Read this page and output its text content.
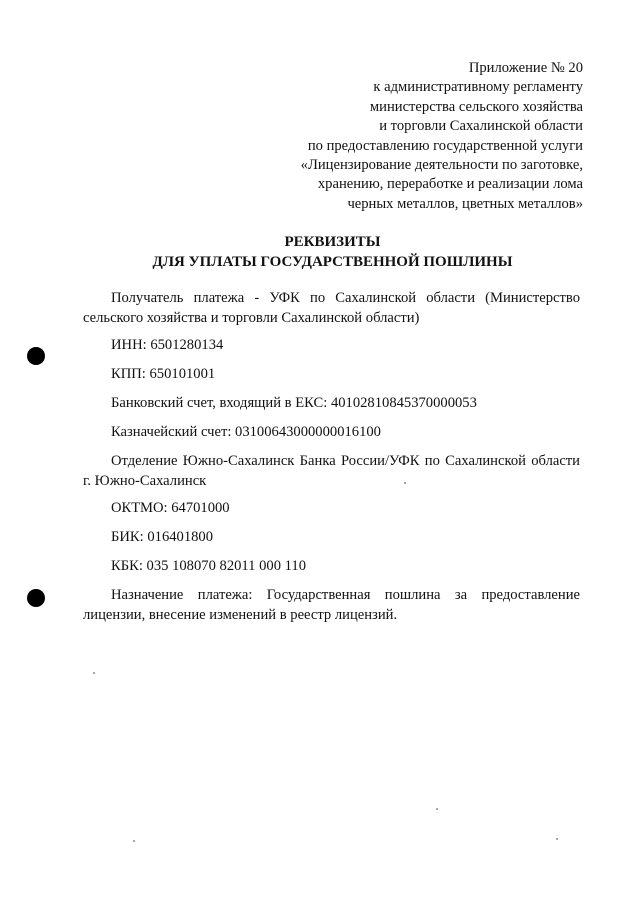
Приложение № 20
к административному регламенту
министерства сельского хозяйства
и торговли Сахалинской области
по предоставлению государственной услуги
«Лицензирование деятельности по заготовке,
хранению, переработке и реализации лома
черных металлов, цветных металлов»
РЕКВИЗИТЫ
ДЛЯ УПЛАТЫ ГОСУДАРСТВЕННОЙ ПОШЛИНЫ
Получатель платежа - УФК по Сахалинской области (Министерство сельского хозяйства и торговли Сахалинской области)
ИНН: 6501280134
КПП: 650101001
Банковский счет, входящий в ЕКС: 40102810845370000053
Казначейский счет: 03100643000000016100
Отделение Южно-Сахалинск Банка России/УФК по Сахалинской области г. Южно-Сахалинск
ОКТМО: 64701000
БИК: 016401800
КБК: 035 108070 82011 000 110
Назначение платежа: Государственная пошлина за предоставление лицензии, внесение изменений в реестр лицензий.
